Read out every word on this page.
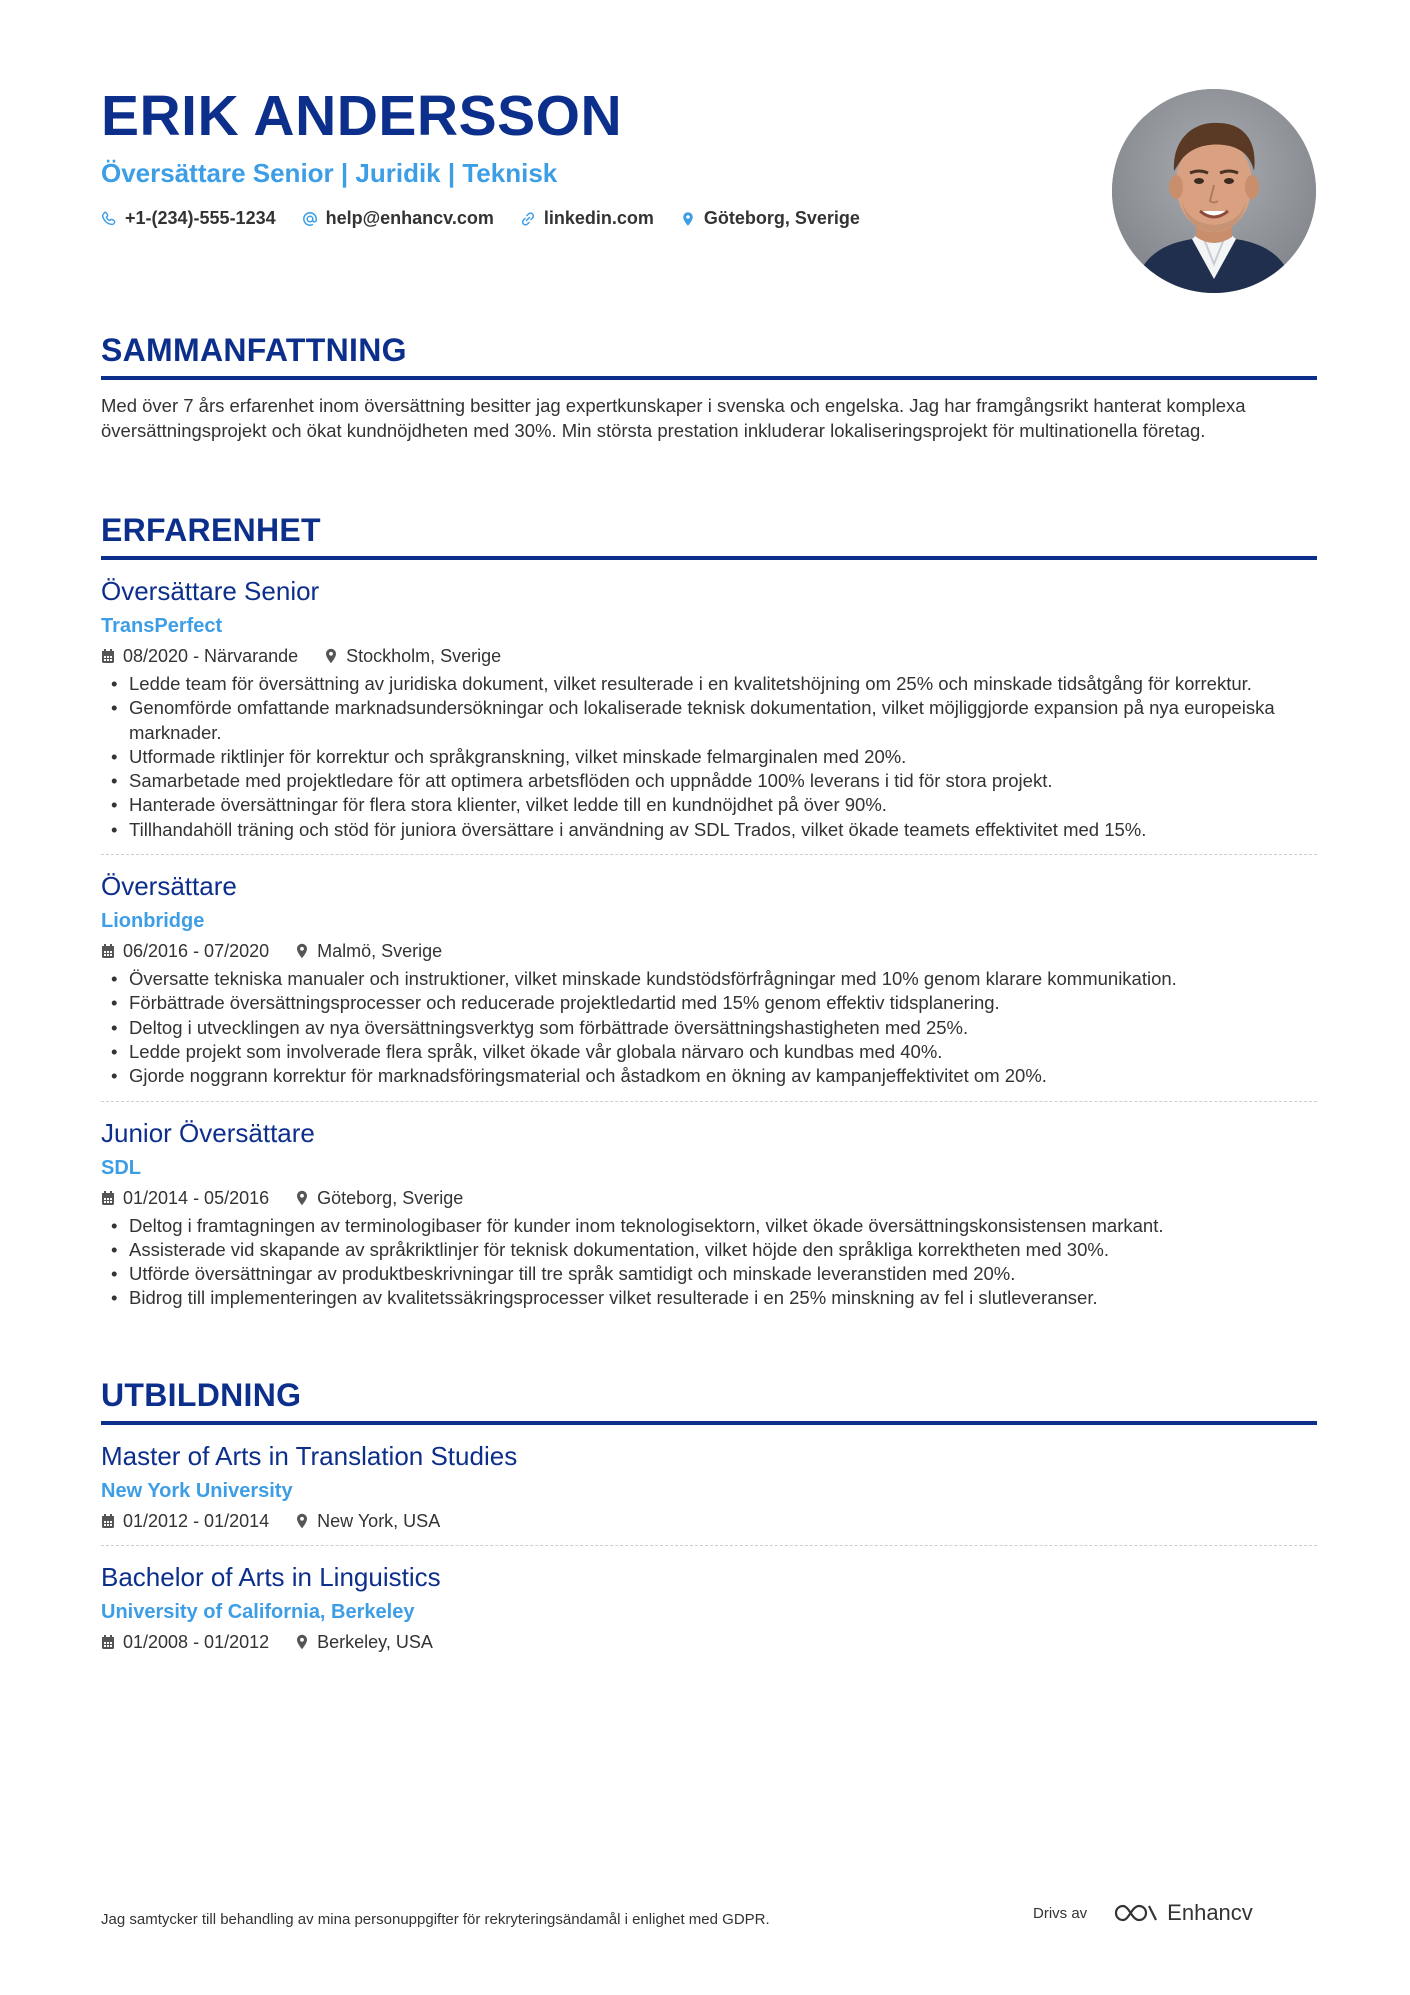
ERIK ANDERSSON
Översättare Senior | Juridik | Teknisk
+1-(234)-555-1234	help@enhancv.com	linkedin.com	Göteborg, Sverige
SAMMANFATTNING
Med över 7 års erfarenhet inom översättning besitter jag expertkunskaper i svenska och engelska. Jag har framgångsrikt hanterat komplexa översättningsprojekt och ökat kundnöjdheten med 30%. Min största prestation inkluderar lokaliseringsprojekt för multinationella företag.
ERFARENHET
Översättare Senior
TransPerfect
08/2020 - Närvarande	Stockholm, Sverige
• Ledde team för översättning av juridiska dokument, vilket resulterade i en kvalitetshöjning om 25% och minskade tidsåtgång för korrektur.
• Genomförde omfattande marknadsundersökningar och lokaliserade teknisk dokumentation, vilket möjliggjorde expansion på nya europeiska marknader.
• Utformade riktlinjer för korrektur och språkgranskning, vilket minskade felmarginalen med 20%.
• Samarbetade med projektledare för att optimera arbetsflöden och uppnådde 100% leverans i tid för stora projekt.
• Hanterade översättningar för flera stora klienter, vilket ledde till en kundnöjdhet på över 90%.
• Tillhandahöll träning och stöd för juniora översättare i användning av SDL Trados, vilket ökade teamets effektivitet med 15%.
Översättare
Lionbridge
06/2016 - 07/2020	Malmö, Sverige
• Översatte tekniska manualer och instruktioner, vilket minskade kundstödsförfrågningar med 10% genom klarare kommunikation.
• Förbättrade översättningsprocesser och reducerade projektledartid med 15% genom effektiv tidsplanering.
• Deltog i utvecklingen av nya översättningsverktyg som förbättrade översättningshastigheten med 25%.
• Ledde projekt som involverade flera språk, vilket ökade vår globala närvaro och kundbas med 40%.
• Gjorde noggrann korrektur för marknadsföringsmaterial och åstadkom en ökning av kampanjeffektivitet om 20%.
Junior Översättare
SDL
01/2014 - 05/2016	Göteborg, Sverige
• Deltog i framtagningen av terminologibaser för kunder inom teknologisektorn, vilket ökade översättningskonsistensen markant.
• Assisterade vid skapande av språkriktlinjer för teknisk dokumentation, vilket höjde den språkliga korrektheten med 30%.
• Utförde översättningar av produktbeskrivningar till tre språk samtidigt och minskade leveranstiden med 20%.
• Bidrog till implementeringen av kvalitetssäkringsprocesser vilket resulterade i en 25% minskning av fel i slutleveranser.
UTBILDNING
Master of Arts in Translation Studies
New York University
01/2012 - 01/2014	New York, USA
Bachelor of Arts in Linguistics
University of California, Berkeley
01/2008 - 01/2012	Berkeley, USA
Jag samtycker till behandling av mina personuppgifter för rekryteringsändamål i enlighet med GDPR.	Drivs av	Enhancv
